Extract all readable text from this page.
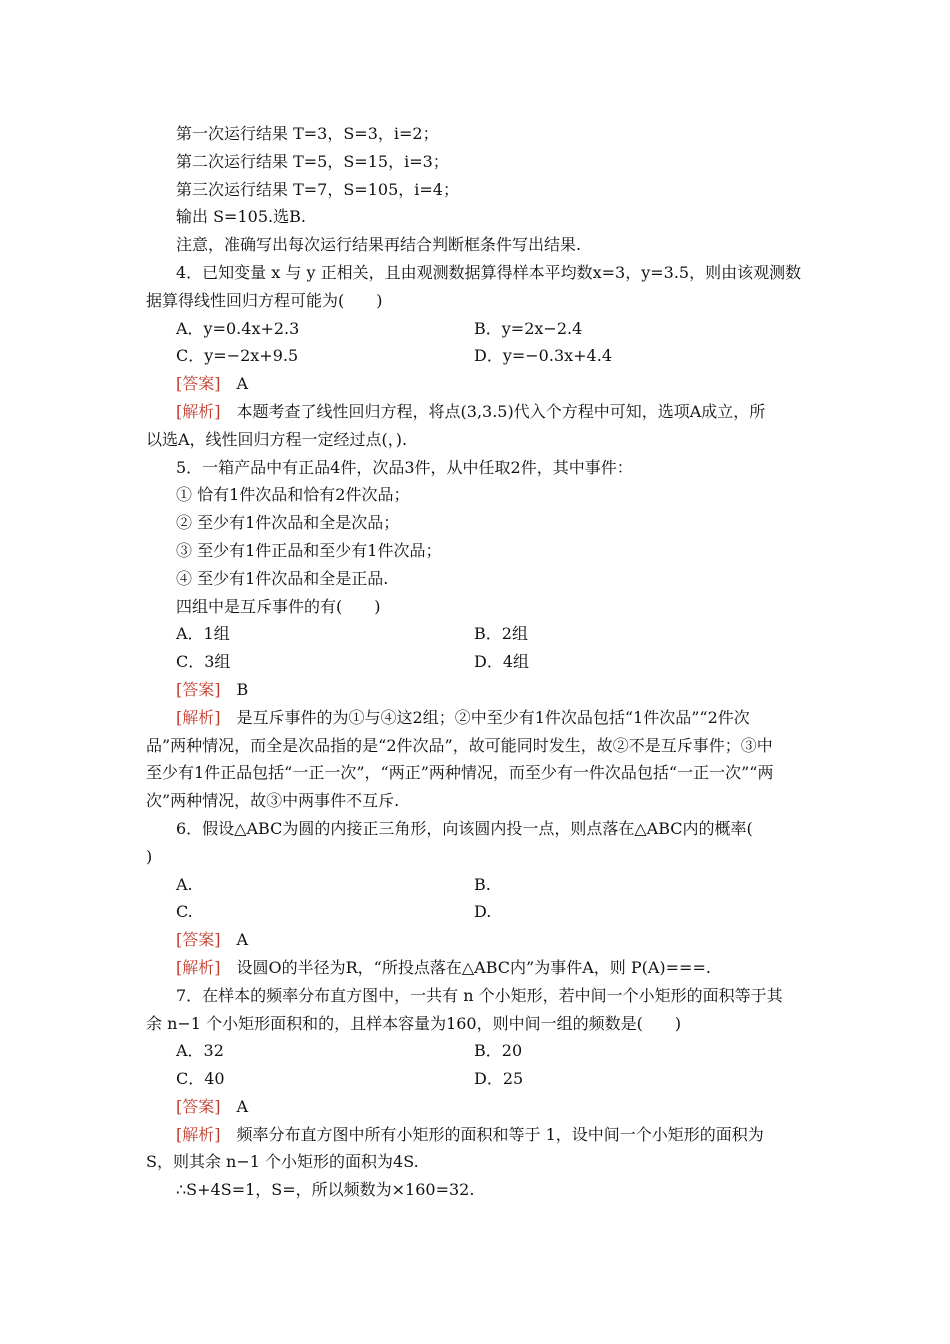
第一次运行结果 T=3，S=3，i=2；
第二次运行结果 T=5，S=15，i=3；
第三次运行结果 T=7，S=105，i=4；
输出 S=105.选B.
注意，准确写出每次运行结果再结合判断框条件写出结果.
4．已知变量 x 与 y 正相关，且由观测数据算得样本平均数x=3，y=3.5，则由该观测数据算得线性回归方程可能为(　　)
A．y=0.4x+2.3	B．y=2x−2.4
C．y=−2x+9.5	D．y=−0.3x+4.4
[答案]　 A
[解析]　 本题考查了线性回归方程，将点(3,3.5)代入个方程中可知，选项A成立，所
以选A，线性回归方程一定经过点(，).
5．一箱产品中有正品4件，次品3件，从中任取2件，其中事件：
① 恰有1件次品和恰有2件次品；
② 至少有1件次品和全是次品；
③ 至少有1件正品和至少有1件次品；
④ 至少有1件次品和全是正品.
四组中是互斥事件的有(　　)
A．1组	B．2组
C．3组	D．4组
[答案]　 B
[解析]　 是互斥事件的为①与④这2组；②中至少有1件次品包括“1件次品”“2件次
品”两种情况，而全是次品指的是“2件次品”，故可能同时发生，故②不是互斥事件；③中
至少有1件正品包括“一正一次”，“两正”两种情况，而至少有一件次品包括“一正一次”“两
次”两种情况，故③中两事件不互斥.
6．假设△ABC为圆的内接正三角形，向该圆内投一点，则点落在△ABC内的概率(
)
A.	B.
C.	D.
[答案]　 A
[解析]　 设圆O的半径为R，“所投点落在△ABC内”为事件A，则 P(A)===.
7．在样本的频率分布直方图中，一共有 n 个小矩形，若中间一个小矩形的面积等于其
余 n−1 个小矩形面积和的，且样本容量为160，则中间一组的频数是(　　)
A．32	B．20
C．40	D．25
[答案]　 A
[解析]　 频率分布直方图中所有小矩形的面积和等于 1，设中间一个小矩形的面积为
S，则其余 n−1 个小矩形的面积为4S.
∴S+4S=1，S=，所以频数为×160=32.
